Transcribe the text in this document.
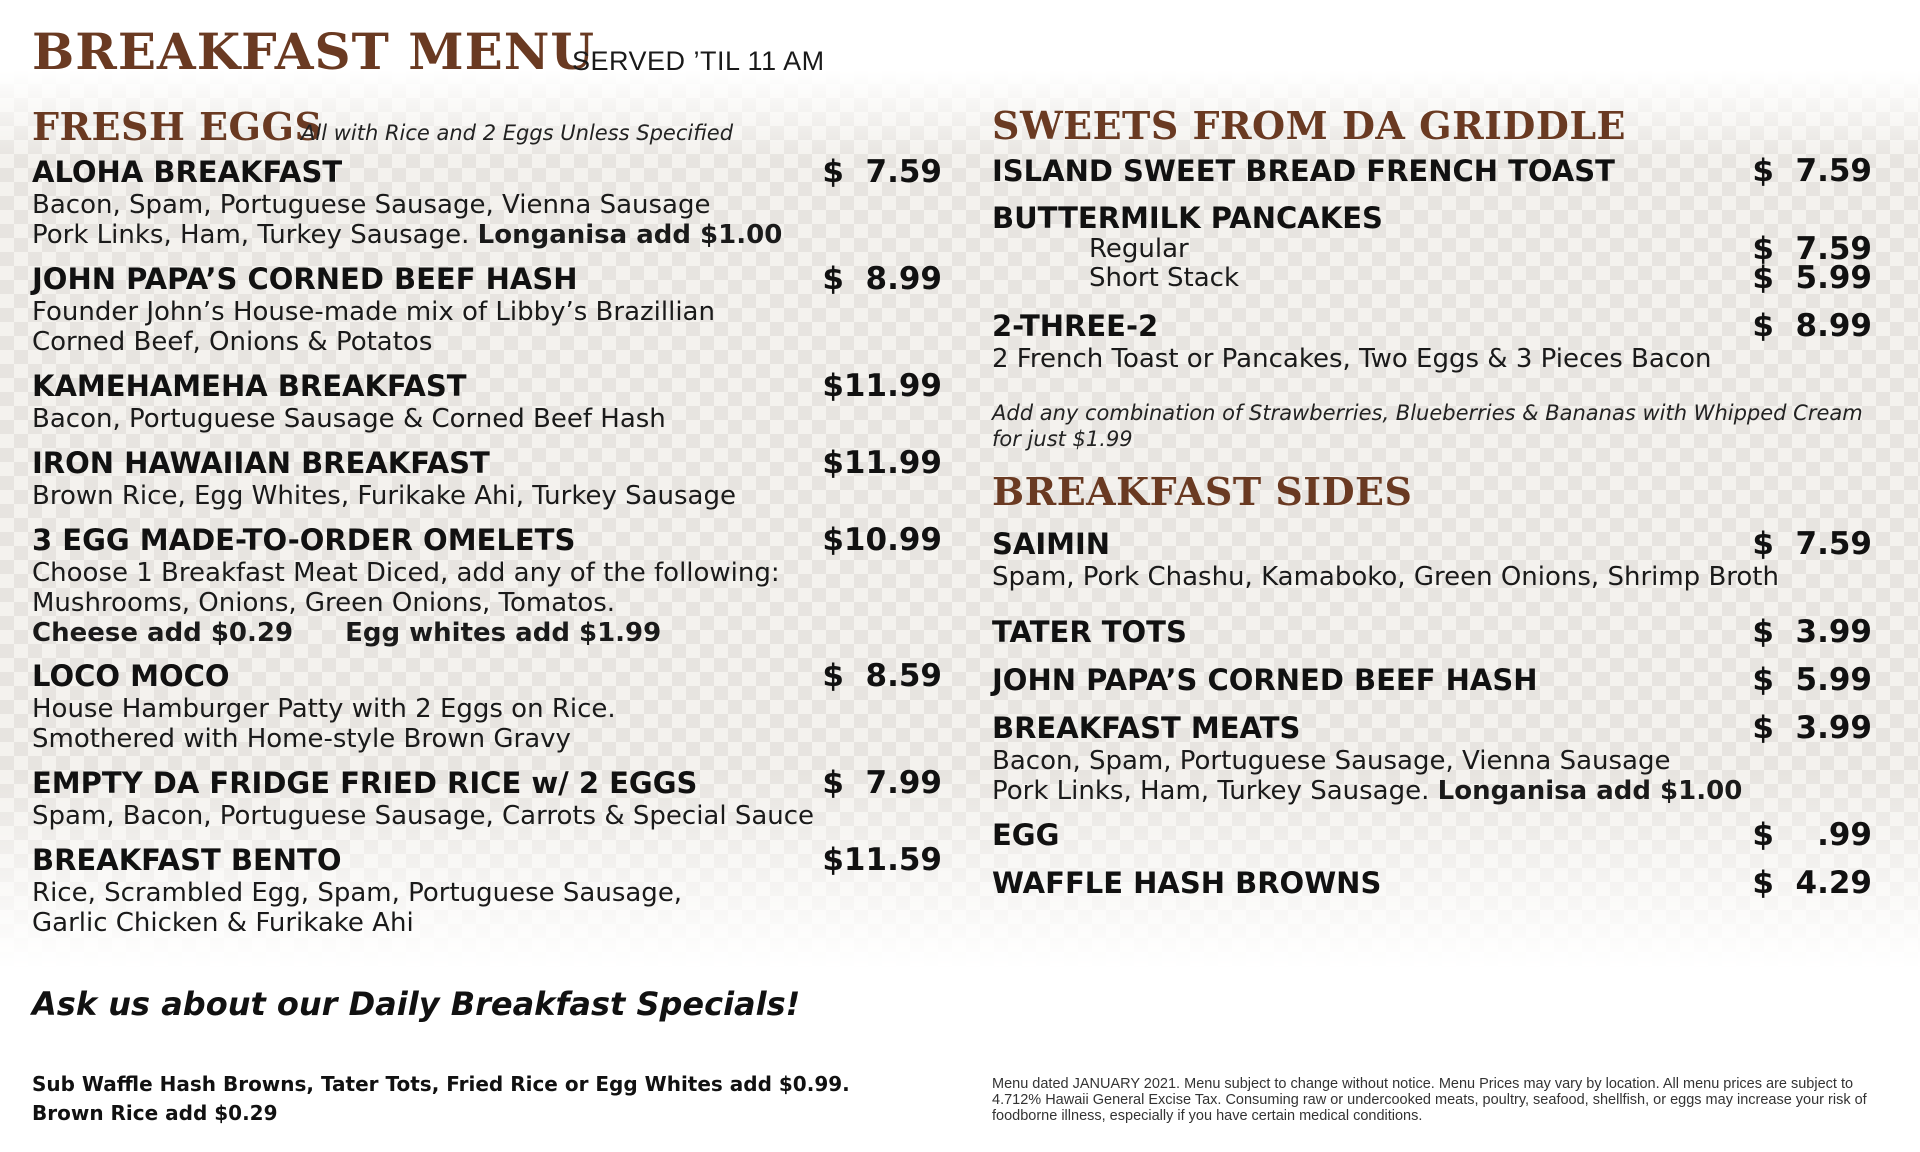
BREAKFAST MENU
SERVED ’TIL 11 AM
FRESH EGGS
All with Rice and 2 Eggs Unless Specified
ALOHA BREAKFAST	$  7.59
Bacon, Spam, Portuguese Sausage, Vienna Sausage
Pork Links, Ham, Turkey Sausage. Longanisa add $1.00
JOHN PAPA’S CORNED BEEF HASH	$  8.99
Founder John’s House-made mix of Libby’s Brazillian
Corned Beef, Onions & Potatos
KAMEHAMEHA BREAKFAST	$11.99
Bacon, Portuguese Sausage & Corned Beef Hash
IRON HAWAIIAN BREAKFAST	$11.99
Brown Rice, Egg Whites, Furikake Ahi, Turkey Sausage
3 EGG MADE-TO-ORDER OMELETS	$10.99
Choose 1 Breakfast Meat Diced, add any of the following:
Mushrooms, Onions, Green Onions, Tomatos.
Cheese add $0.29 Egg whites add $1.99
LOCO MOCO	$  8.59
House Hamburger Patty with 2 Eggs on Rice.
Smothered with Home-style Brown Gravy
EMPTY DA FRIDGE FRIED RICE w/ 2 EGGS	$  7.99
Spam, Bacon, Portuguese Sausage, Carrots & Special Sauce
BREAKFAST BENTO	$11.59
Rice, Scrambled Egg, Spam, Portuguese Sausage,
Garlic Chicken & Furikake Ahi
SWEETS FROM DA GRIDDLE
ISLAND SWEET BREAD FRENCH TOAST	$  7.59
BUTTERMILK PANCAKES
Regular	$  7.59
Short Stack	$  5.99
2-THREE-2	$  8.99
2 French Toast or Pancakes, Two Eggs & 3 Pieces Bacon
Add any combination of Strawberries, Blueberries & Bananas with Whipped Cream for just $1.99
BREAKFAST SIDES
SAIMIN	$  7.59
Spam, Pork Chashu, Kamaboko, Green Onions, Shrimp Broth
TATER TOTS	$  3.99
JOHN PAPA’S CORNED BEEF HASH	$  5.99
BREAKFAST MEATS	$  3.99
Bacon, Spam, Portuguese Sausage, Vienna Sausage
Pork Links, Ham, Turkey Sausage. Longanisa add $1.00
EGG	$    .99
WAFFLE HASH BROWNS	$  4.29
Ask us about our Daily Breakfast Specials!
Sub Waffle Hash Browns, Tater Tots, Fried Rice or Egg Whites add $0.99.
Brown Rice add $0.29
Menu dated JANUARY 2021. Menu subject to change without notice. Menu Prices may vary by location. All menu prices are subject to 4.712% Hawaii General Excise Tax. Consuming raw or undercooked meats, poultry, seafood, shellfish, or eggs may increase your risk of foodborne illness, especially if you have certain medical conditions.
